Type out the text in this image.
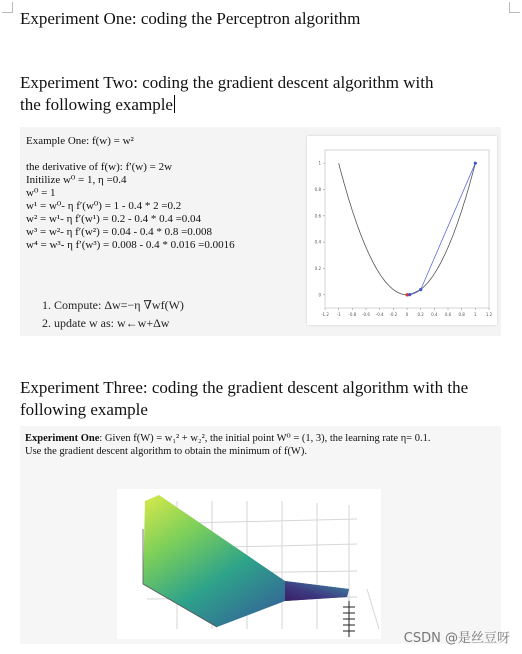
Experiment One: coding the Perceptron algorithm
Experiment Two: coding the gradient descent algorithm with
the following example
Example One: f(w) = w²
the derivative of f(w): f′(w) = 2w
Initilize w⁰ = 1, η =0.4
w⁰ = 1
w¹ = w⁰- η f′(w⁰) = 1 - 0.4 * 2 =0.2
w² = w¹- η f′(w¹) = 0.2 - 0.4 * 0.4 =0.04
w³ = w²- η f′(w²) = 0.04 - 0.4 * 0.8 =0.008
w⁴ = w³- η f′(w³) = 0.008 - 0.4 * 0.016 =0.0016
1. Compute: Δw=−η ∇wf(W)
2. update w as: w←w+Δw
-1.2 -1 -0.8 -0.6 -0.4 -0.2 0 0.2 0.4 0.6 0.8 1 1.2
0
0.2
0.4
0.6
0.8
1
Experiment Three: coding the gradient descent algorithm with the
following example
Experiment One: Given f(W) = w₁² + w₂², the initial point W⁰ = (1, 3), the learning rate η= 0.1.
Use the gradient descent algorithm to obtain the minimum of f(W).
CSDN @是丝豆呀
